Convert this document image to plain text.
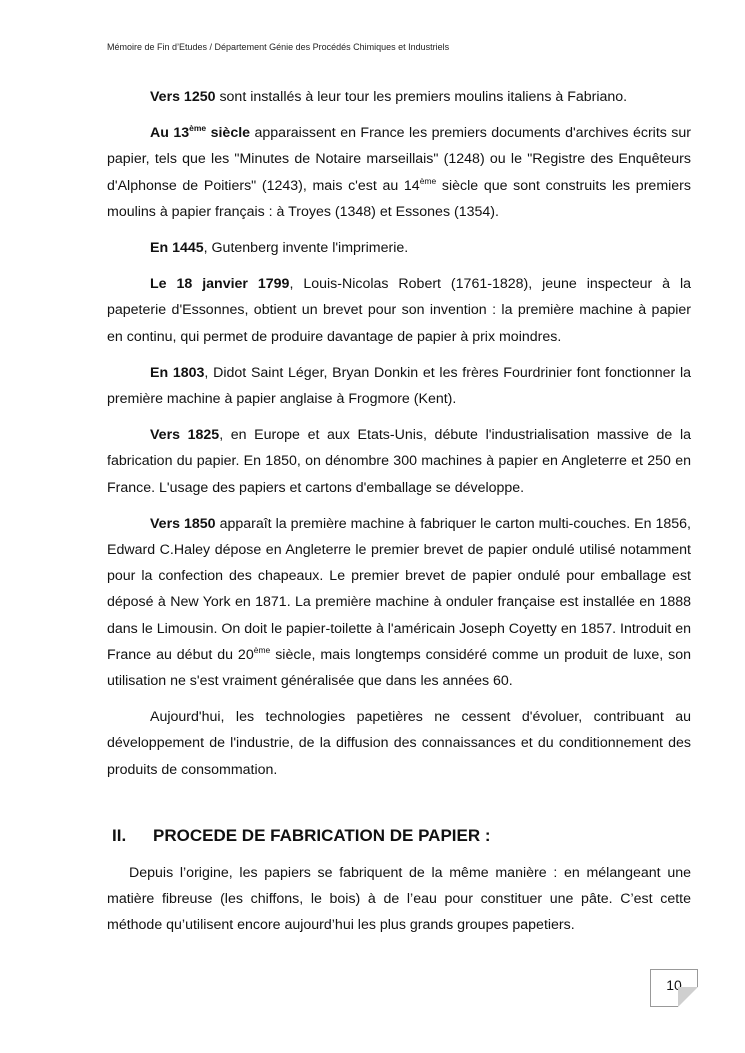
Mémoire de Fin d’Etudes / Département Génie des Procédés Chimiques et Industriels

Vers 1250 sont installés à leur tour les premiers moulins italiens à Fabriano.

Au 13ème siècle apparaissent en France les premiers documents d'archives écrits sur papier, tels que les "Minutes de Notaire marseillais" (1248) ou le "Registre des Enquêteurs d'Alphonse de Poitiers" (1243), mais c'est au 14ème siècle que sont construits les premiers moulins à papier français : à Troyes (1348) et Essones (1354).

En 1445, Gutenberg invente l'imprimerie.

Le 18 janvier 1799, Louis-Nicolas Robert (1761-1828), jeune inspecteur à la papeterie d'Essonnes, obtient un brevet pour son invention : la première machine à papier en continu, qui permet de produire davantage de papier à prix moindres.

En 1803, Didot Saint Léger, Bryan Donkin et les frères Fourdrinier font fonctionner la première machine à papier anglaise à Frogmore (Kent).

Vers 1825, en Europe et aux Etats-Unis, débute l'industrialisation massive de la fabrication du papier. En 1850, on dénombre 300 machines à papier en Angleterre et 250 en France. L'usage des papiers et cartons d'emballage se développe.

Vers 1850 apparaît la première machine à fabriquer le carton multi-couches. En 1856, Edward C.Haley dépose en Angleterre le premier brevet de papier ondulé utilisé notamment pour la confection des chapeaux. Le premier brevet de papier ondulé pour emballage est déposé à New York en 1871. La première machine à onduler française est installée en 1888 dans le Limousin. On doit le papier-toilette à l'américain Joseph Coyetty en 1857. Introduit en France au début du 20ème siècle, mais longtemps considéré comme un produit de luxe, son utilisation ne s'est vraiment généralisée que dans les années 60.

Aujourd'hui, les technologies papetières ne cessent d'évoluer, contribuant au développement de l'industrie, de la diffusion des connaissances et du conditionnement des produits de consommation.

II. PROCEDE DE FABRICATION DE PAPIER :

Depuis l’origine, les papiers se fabriquent de la même manière : en mélangeant une matière fibreuse (les chiffons, le bois) à de l’eau pour constituer une pâte. C’est cette méthode qu’utilisent encore aujourd’hui les plus grands groupes papetiers.

10
